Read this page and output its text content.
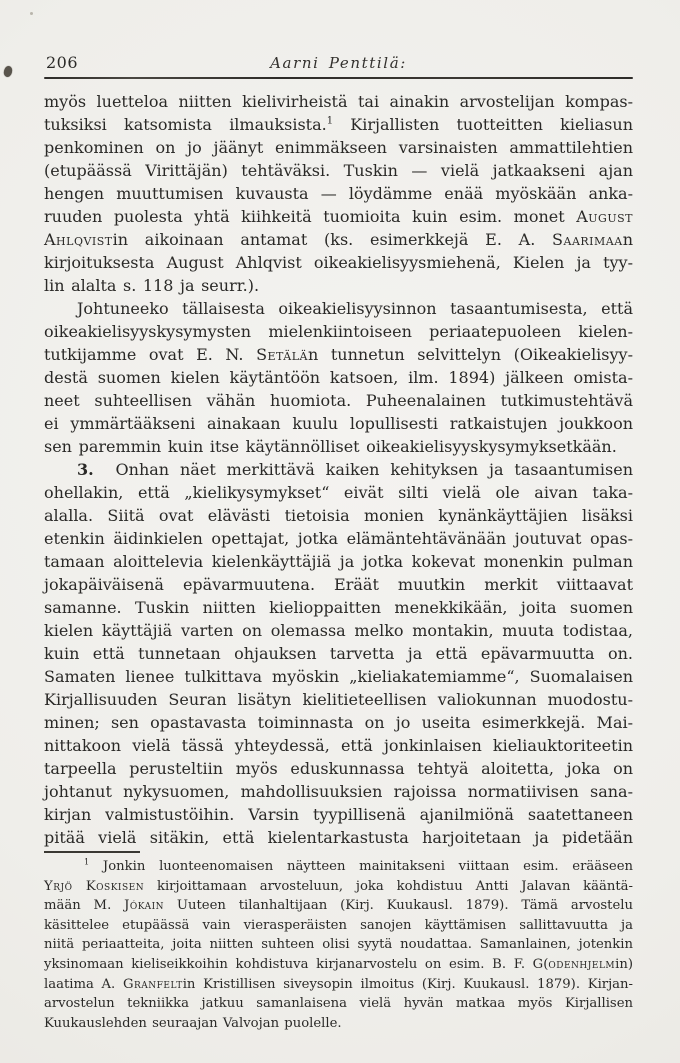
206	Aarni Penttilä:
myös luetteloa niitten kielivirheistä tai ainakin arvostelijan kompas-
tuksiksi katsomista ilmauksista.$^1$ Kirjallisten tuotteitten kieliasun
penkominen on jo jäänyt enimmäkseen varsinaisten ammattilehtien
(etupäässä Virittäjän) tehtäväksi. Tuskin — vielä jatkaakseni ajan
hengen muuttumisen kuvausta — löydämme enää myöskään anka-
ruuden puolesta yhtä kiihkeitä tuomioita kuin esim. monet August
Ahlqvistin aikoinaan antamat (ks. esimerkkejä E. A. Saarimaan
kirjoituksesta August Ahlqvist oikeakielisyysmiehenä, Kielen ja tyy-
lin alalta s. 118 ja seurr.).
Johtuneeko tällaisesta oikeakielisyysinnon tasaantumisesta, että
oikeakielisyyskysymysten mielenkiintoiseen periaatepuoleen kielen-
tutkijamme ovat E. N. Setälän tunnetun selvittelyn (Oikeakielisyy-
destä suomen kielen käytäntöön katsoen, ilm. 1894) jälkeen omista-
neet suhteellisen vähän huomiota. Puheenalainen tutkimustehtävä
ei ymmärtääkseni ainakaan kuulu lopullisesti ratkaistujen joukkoon
sen paremmin kuin itse käytännölliset oikeakielisyyskysymyksetkään.
3.  Onhan näet merkittävä kaiken kehityksen ja tasaantumisen
ohellakin, että „kielikysymykset“ eivät silti vielä ole aivan taka-
alalla. Siitä ovat elävästi tietoisia monien kynänkäyttäjien lisäksi
etenkin äidinkielen opettajat, jotka elämäntehtävänään joutuvat opas-
tamaan aloittelevia kielenkäyttäjiä ja jotka kokevat monenkin pulman
jokapäiväisenä epävarmuutena. Eräät muutkin merkit viittaavat
samanne. Tuskin niitten kielioppaitten menekkikään, joita suomen
kielen käyttäjiä varten on olemassa melko montakin, muuta todistaa,
kuin että tunnetaan ohjauksen tarvetta ja että epävarmuutta on.
Samaten lienee tulkittava myöskin „kieliakatemiamme“, Suomalaisen
Kirjallisuuden Seuran lisätyn kielitieteellisen valiokunnan muodostu-
minen; sen opastavasta toiminnasta on jo useita esimerkkejä. Mai-
nittakoon vielä tässä yhteydessä, että jonkinlaisen kieliauktoriteetin
tarpeella perusteltiin myös eduskunnassa tehtyä aloitetta, joka on
johtanut nykysuomen, mahdollisuuksien rajoissa normatiivisen sana-
kirjan valmistustöihin. Varsin tyypillisenä ajanilmiönä saatettaneen
pitää vielä sitäkin, että kielentarkastusta harjoitetaan ja pidetään
$^1$ Jonkin luonteenomaisen näytteen mainitakseni viittaan esim. erääseen
Yrjö Koskisen kirjoittamaan arvosteluun, joka kohdistuu Antti Jalavan kääntä-
mään M. Jókain Uuteen tilanhaltijaan (Kirj. Kuukausl. 1879). Tämä arvostelu
käsittelee etupäässä vain vierasperäisten sanojen käyttämisen sallittavuutta ja
niitä periaatteita, joita niitten suhteen olisi syytä noudattaa. Samanlainen, jotenkin
yksinomaan kieliseikkoihin kohdistuva kirjanarvostelu on esim. B. F. G(odenhjelmin)
laatima A. Granfeltin Kristillisen siveysopin ilmoitus (Kirj. Kuukausl. 1879). Kirjan-
arvostelun tekniikka jatkuu samanlaisena vielä hyvän matkaa myös Kirjallisen
Kuukauslehden seuraajan Valvojan puolelle.
